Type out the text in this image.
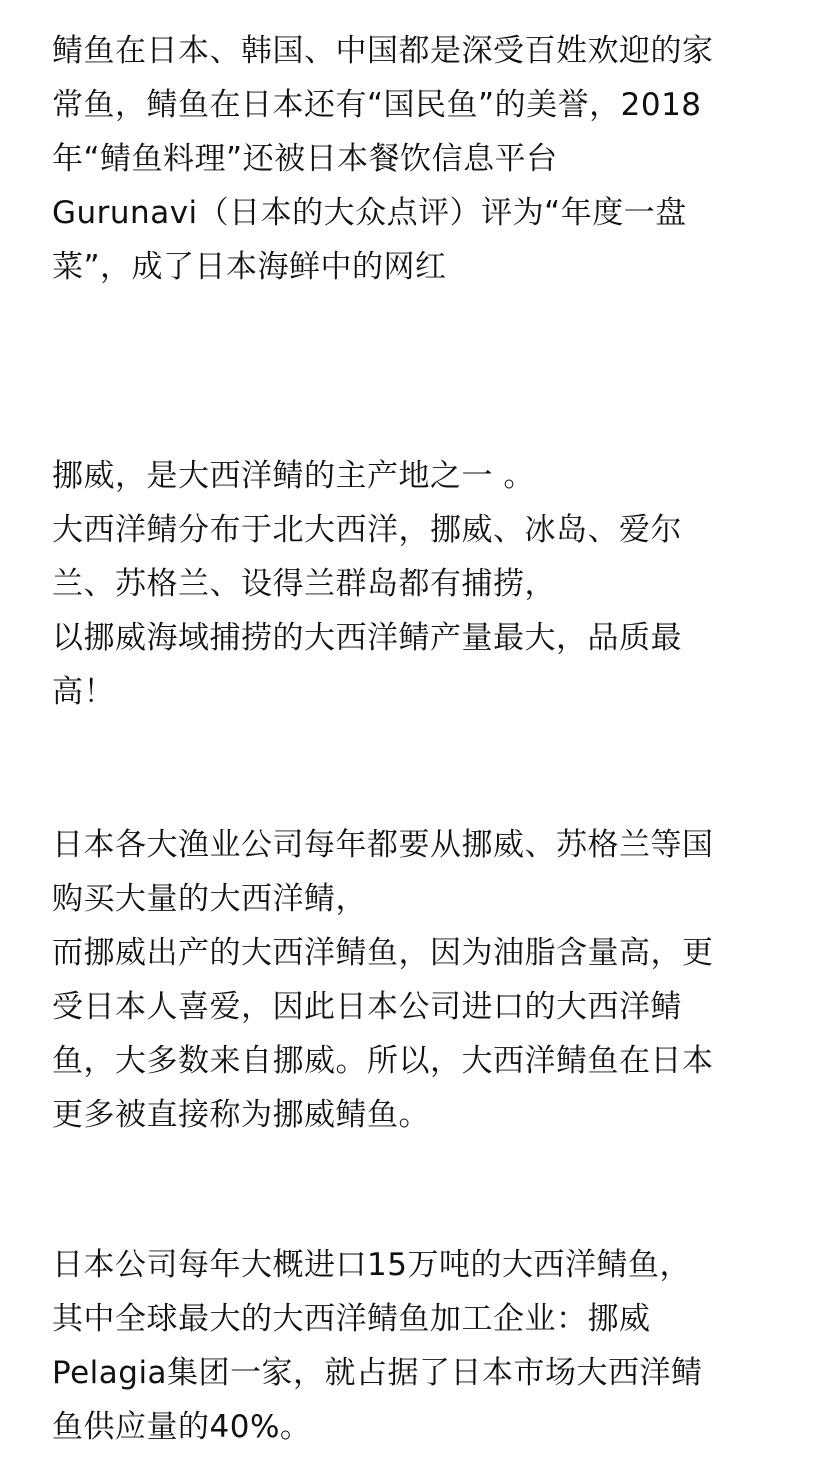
鲭鱼在日本、韩国、中国都是深受百姓欢迎的家
常鱼，鲭鱼在日本还有“国民鱼”的美誉，2018
年“鲭鱼料理”还被日本餐饮信息平台
Gurunavi（日本的大众点评）评为“年度一盘
菜”，成了日本海鲜中的网红
挪威，是大西洋鲭的主产地之一 。
大西洋鲭分布于北大西洋，挪威、冰岛、爱尔
兰、苏格兰、设得兰群岛都有捕捞，
以挪威海域捕捞的大西洋鲭产量最大，品质最
高！
日本各大渔业公司每年都要从挪威、苏格兰等国
购买大量的大西洋鲭，
而挪威出产的大西洋鲭鱼，因为油脂含量高，更
受日本人喜爱，因此日本公司进口的大西洋鲭
鱼，大多数来自挪威。所以，大西洋鲭鱼在日本
更多被直接称为挪威鲭鱼。
日本公司每年大概进口15万吨的大西洋鲭鱼，
其中全球最大的大西洋鲭鱼加工企业：挪威
Pelagia集团一家，就占据了日本市场大西洋鲭
鱼供应量的40%。
